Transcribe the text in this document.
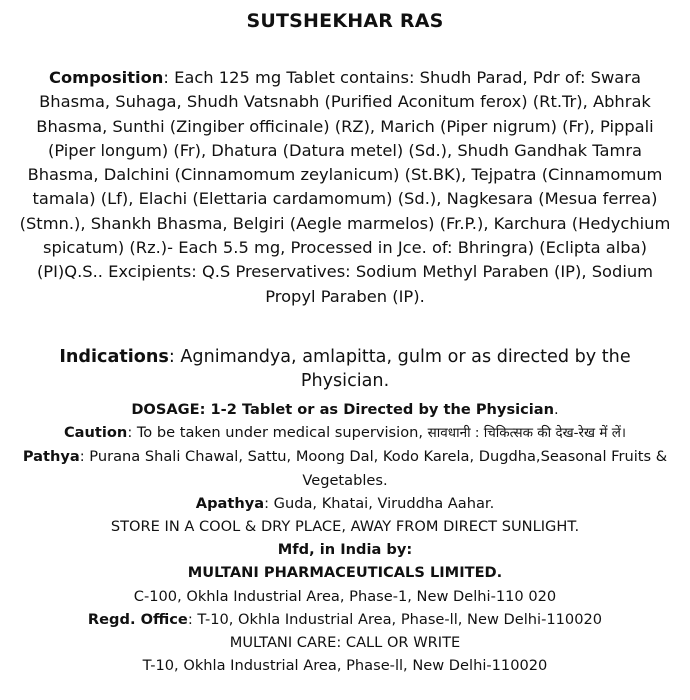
SUTSHEKHAR RAS
Composition: Each 125 mg Tablet contains: Shudh Parad, Pdr of: Swara Bhasma, Suhaga, Shudh Vatsnabh (Purified Aconitum ferox) (Rt.Tr), Abhrak Bhasma, Sunthi (Zingiber officinale) (RZ), Marich (Piper nigrum) (Fr), Pippali (Piper longum) (Fr), Dhatura (Datura metel) (Sd.), Shudh Gandhak Tamra Bhasma, Dalchini (Cinnamomum zeylanicum) (St.BK), Tejpatra (Cinnamomum tamala) (Lf), Elachi (Elettaria cardamomum) (Sd.), Nagkesara (Mesua ferrea) (Stmn.), Shankh Bhasma, Belgiri (Aegle marmelos) (Fr.P.), Karchura (Hedychium spicatum) (Rz.)- Each 5.5 mg, Processed in Jce. of: Bhringra) (Eclipta alba) (PI)Q.S.. Excipients: Q.S Preservatives: Sodium Methyl Paraben (IP), Sodium Propyl Paraben (IP).
Indications: Agnimandya, amlapitta, gulm or as directed by the Physician.

DOSAGE: 1-2 Tablet or as Directed by the Physician.

Caution: To be taken under medical supervision, सावधानी : चिकित्सक की देख-रेख में लें।

Pathya: Purana Shali Chawal, Sattu, Moong Dal, Kodo Karela, Dugdha,Seasonal Fruits & Vegetables.

Apathya: Guda, Khatai, Viruddha Aahar.

STORE IN A COOL & DRY PLACE, AWAY FROM DIRECT SUNLIGHT.

Mfd, in India by:

MULTANI PHARMACEUTICALS LIMITED.

C-100, Okhla Industrial Area, Phase-1, New Delhi-110 020

Regd. Office: T-10, Okhla Industrial Area, Phase-ll, New Delhi-110020

MULTANI CARE: CALL OR WRITE

T-10, Okhla Industrial Area, Phase-ll, New Delhi-110020
